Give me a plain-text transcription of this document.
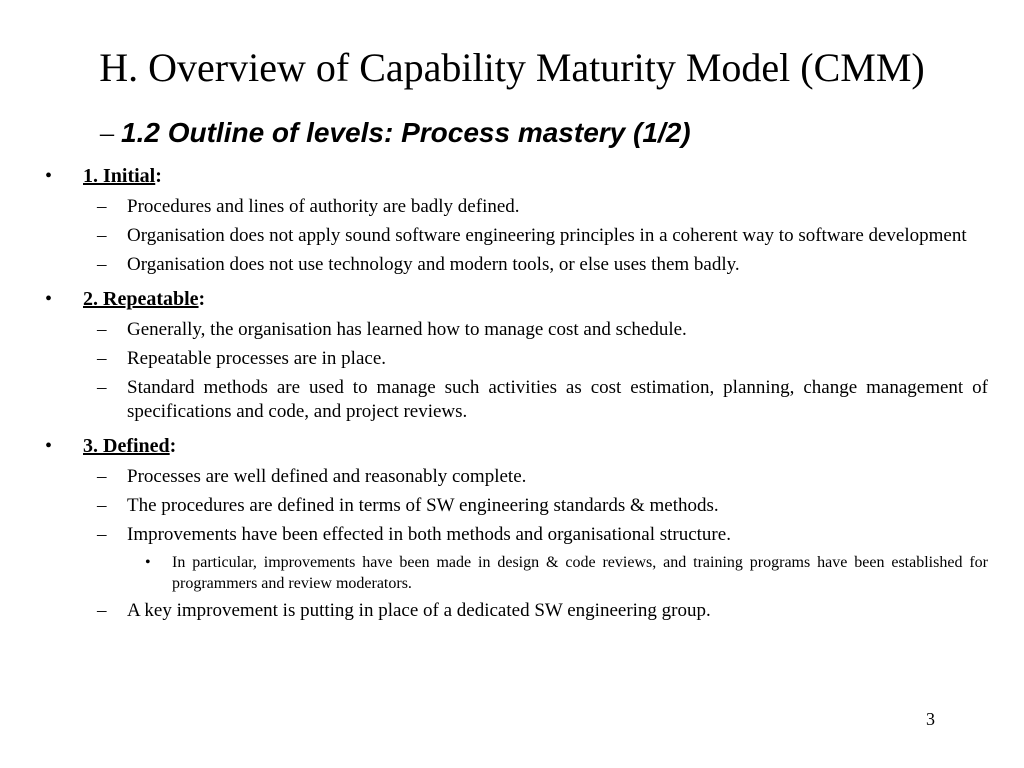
H. Overview of Capability Maturity Model (CMM)
– 1.2 Outline of levels: Process mastery (1/2)
• 1. Initial:
– Procedures and lines of authority are badly defined.
– Organisation does not apply sound software engineering principles in a coherent way to software development
– Organisation does not use technology and modern tools, or else uses them badly.
• 2. Repeatable:
– Generally, the organisation has learned how to manage cost and schedule.
– Repeatable processes are in place.
– Standard methods are used to manage such activities as cost estimation, planning, change management of specifications and code, and project reviews.
• 3. Defined:
– Processes are well defined and reasonably complete.
– The procedures are defined in terms of SW engineering standards & methods.
– Improvements have been effected in both methods and organisational structure.
• In particular, improvements have been made in design & code reviews, and training programs have been established for programmers and review moderators.
– A key improvement is putting in place of a dedicated SW engineering group.
3
